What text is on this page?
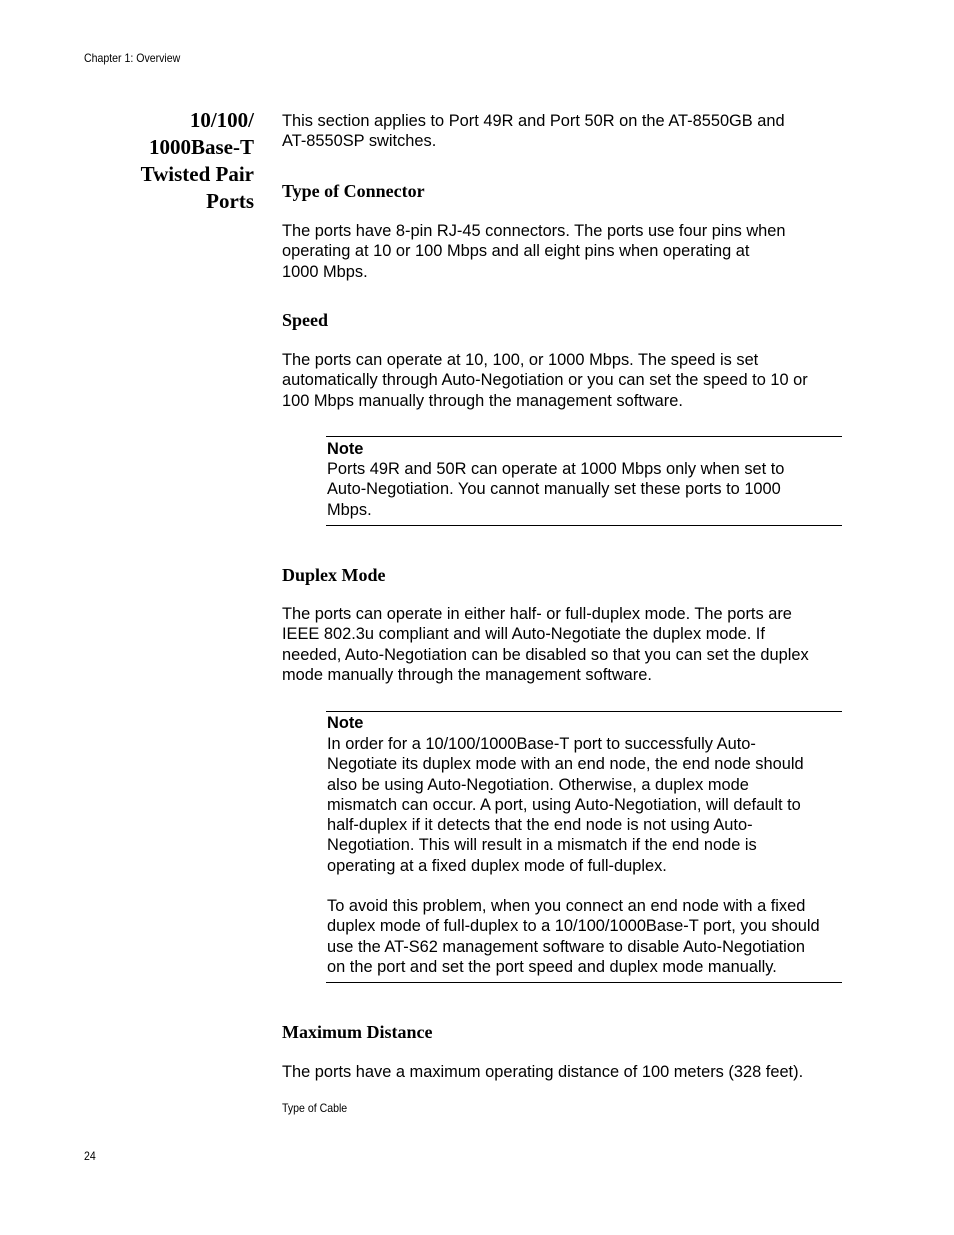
Chapter 1: Overview
10/100/
1000Base-T
Twisted Pair
Ports
This section applies to Port 49R and Port 50R on the AT-8550GB and
AT-8550SP switches.
Type of Connector
The ports have 8-pin RJ-45 connectors. The ports use four pins when
operating at 10 or 100 Mbps and all eight pins when operating at
1000 Mbps.
Speed
The ports can operate at 10, 100, or 1000 Mbps. The speed is set
automatically through Auto-Negotiation or you can set the speed to 10 or
100 Mbps manually through the management software.
Note
Ports 49R and 50R can operate at 1000 Mbps only when set to
Auto-Negotiation. You cannot manually set these ports to 1000
Mbps.
Duplex Mode
The ports can operate in either half- or full-duplex mode. The ports are
IEEE 802.3u compliant and will Auto-Negotiate the duplex mode. If
needed, Auto-Negotiation can be disabled so that you can set the duplex
mode manually through the management software.
Note
In order for a 10/100/1000Base-T port to successfully Auto-
Negotiate its duplex mode with an end node, the end node should
also be using Auto-Negotiation. Otherwise, a duplex mode
mismatch can occur. A port, using Auto-Negotiation, will default to
half-duplex if it detects that the end node is not using Auto-
Negotiation. This will result in a mismatch if the end node is
operating at a fixed duplex mode of full-duplex.
To avoid this problem, when you connect an end node with a fixed
duplex mode of full-duplex to a 10/100/1000Base-T port, you should
use the AT-S62 management software to disable Auto-Negotiation
on the port and set the port speed and duplex mode manually.
Maximum Distance
The ports have a maximum operating distance of 100 meters (328 feet).
Type of Cable
24
